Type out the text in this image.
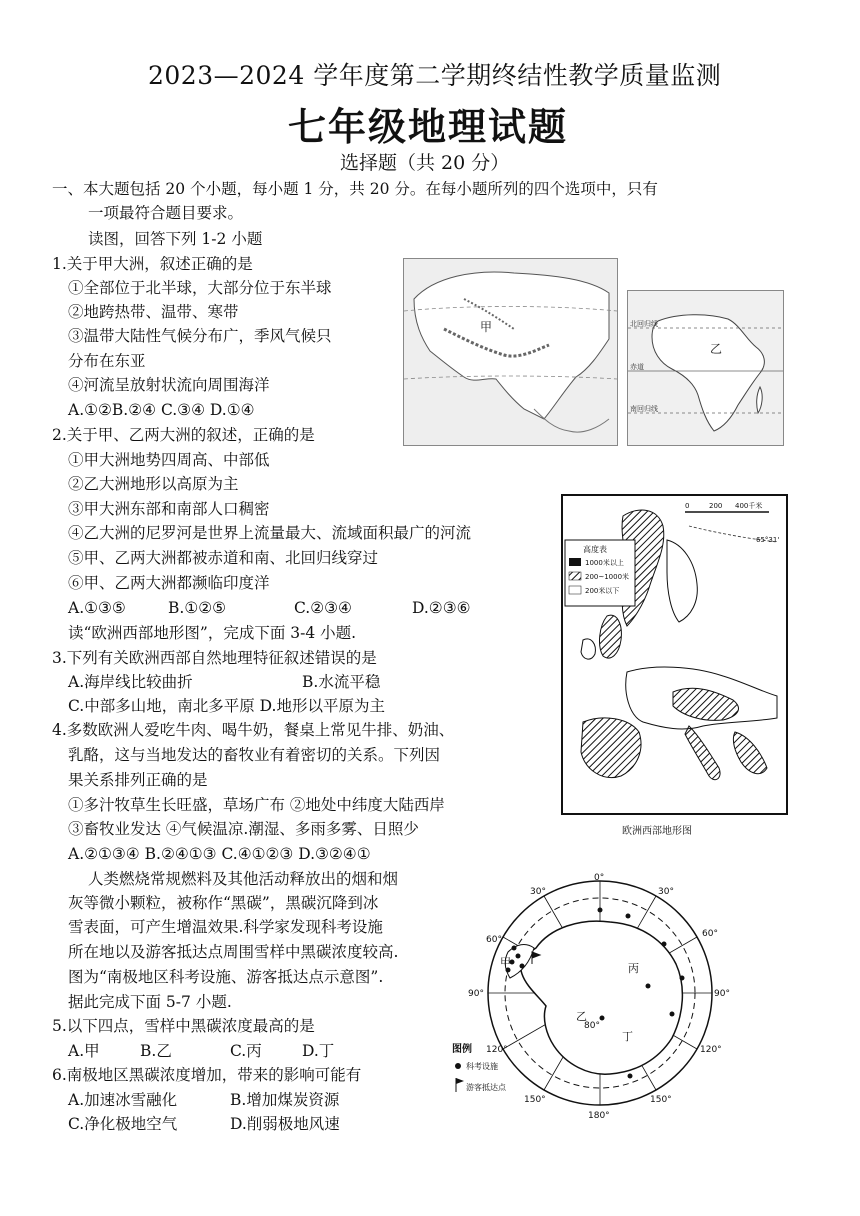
2023—2024 学年度第二学期终结性教学质量监测
七年级地理试题
选择题（共 20 分）
一、本大题包括 20 个小题，每小题 1 分，共 20 分。在每小题所列的四个选项中，只有
一项最符合题目要求。
读图，回答下列 1-2 小题
1.关于甲大洲，叙述正确的是
①全部位于北半球，大部分位于东半球
②地跨热带、温带、寒带
③温带大陆性气候分布广，季风气候只
分布在东亚
④河流呈放射状流向周围海洋
A.①②B.②④ C.③④ D.①④
2.关于甲、乙两大洲的叙述，正确的是
①甲大洲地势四周高、中部低
②乙大洲地形以高原为主
③甲大洲东部和南部人口稠密
④乙大洲的尼罗河是世界上流量最大、流域面积最广的河流
⑤甲、乙两大洲都被赤道和南、北回归线穿过
⑥甲、乙两大洲都濒临印度洋
A.①③⑤	B.①②⑤	C.②③④	D.②③⑥
读“欧洲西部地形图”，完成下面 3-4 小题.
3.下列有关欧洲西部自然地理特征叙述错误的是
A.海岸线比较曲折	B.水流平稳
C.中部多山地，南北多平原 D.地形以平原为主
4.多数欧洲人爱吃牛肉、喝牛奶，餐桌上常见牛排、奶油、
乳酪，这与当地发达的畜牧业有着密切的关系。下列因
果关系排列正确的是
①多汁牧草生长旺盛，草场广布 ②地处中纬度大陆西岸
③畜牧业发达 ④气候温凉.潮湿、多雨多雾、日照少
A.②①③④ B.②④①③ C.④①②③ D.③②④①
人类燃烧常规燃料及其他活动释放出的烟和烟
灰等微小颗粒，被称作“黑碳”，黑碳沉降到冰
雪表面，可产生增温效果.科学家发现科考设施
所在地以及游客抵达点周围雪样中黑碳浓度较高.
图为“南极地区科考设施、游客抵达点示意图”.
据此完成下面 5-7 小题.
5.以下四点，雪样中黑碳浓度最高的是
A.甲	B.乙	C.丙	D.丁
6.南极地区黑碳浓度增加，带来的影响可能有
A.加速冰雪融化	B.增加煤炭资源
C.净化极地空气	D.削弱极地风速
甲	北回归线
赤道
南回归线
乙
0	200 400千米
65°31'
高度表
1000米以上
200~1000米
200米以下
欧洲西部地形图
0°
30°	30°
60°
60°
90°	90°
120°	120°
150°	150°
180°
80°
甲
乙
丙
丁
图例
科考设施
游客抵达点
